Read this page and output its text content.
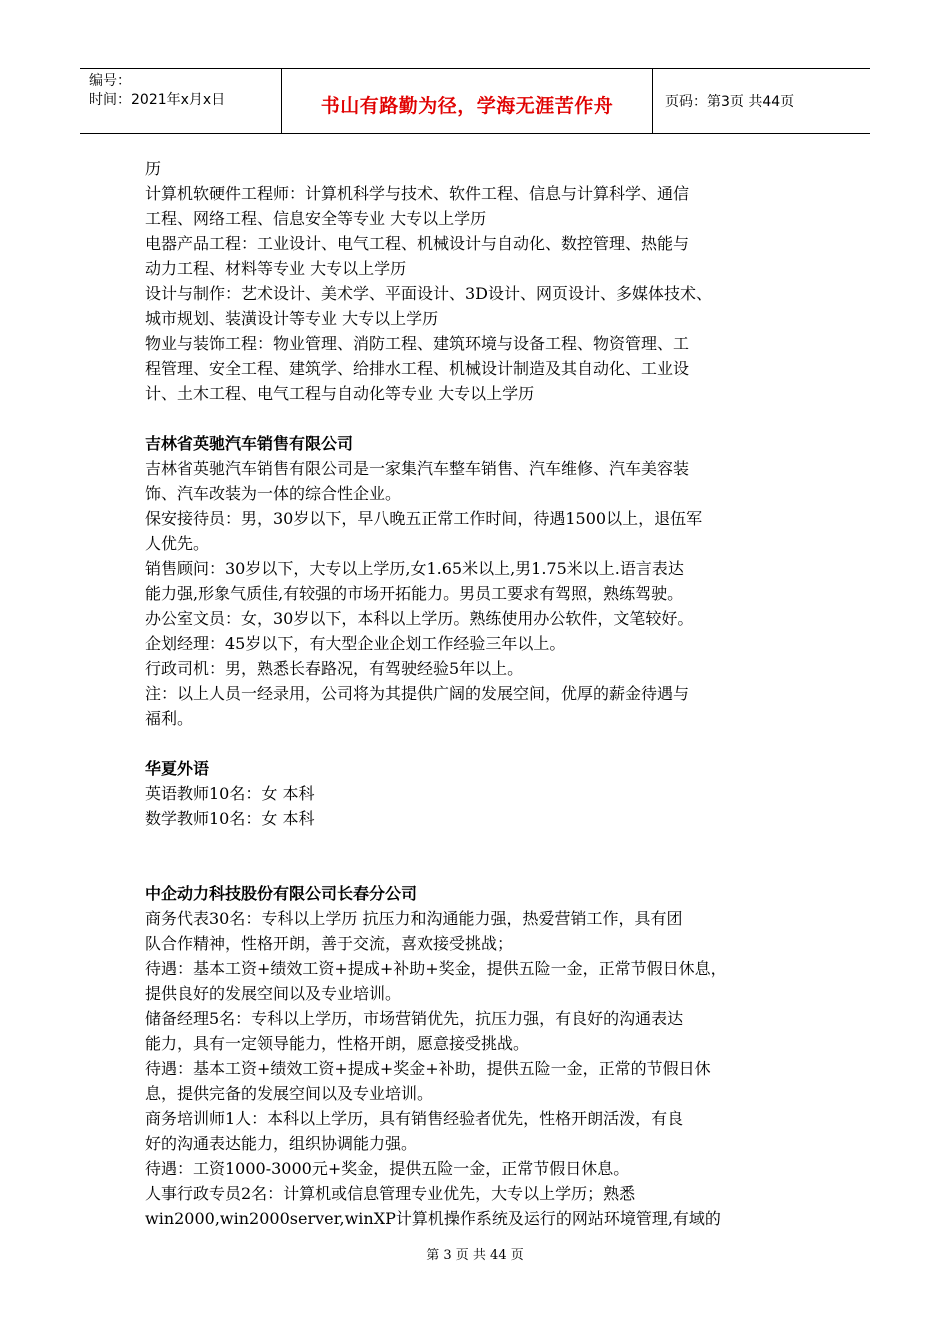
编号：
时间：2021年x月x日	书山有路勤为径，学海无涯苦作舟	页码：第3页 共44页

历

计算机软硬件工程师：计算机科学与技术、软件工程、信息与计算科学、通信

工程、网络工程、信息安全等专业 大专以上学历

电器产品工程：工业设计、电气工程、机械设计与自动化、数控管理、热能与

动力工程、材料等专业 大专以上学历

设计与制作：艺术设计、美术学、平面设计、3D设计、网页设计、多媒体技术、

城市规划、装潢设计等专业 大专以上学历

物业与装饰工程：物业管理、消防工程、建筑环境与设备工程、物资管理、工

程管理、安全工程、建筑学、给排水工程、机械设计制造及其自动化、工业设

计、土木工程、电气工程与自动化等专业 大专以上学历

吉林省英驰汽车销售有限公司

吉林省英驰汽车销售有限公司是一家集汽车整车销售、汽车维修、汽车美容装

饰、汽车改装为一体的综合性企业。

保安接待员：男，30岁以下，早八晚五正常工作时间，待遇1500以上，退伍军

人优先。

销售顾问：30岁以下，大专以上学历,女1.65米以上,男1.75米以上.语言表达

能力强,形象气质佳,有较强的市场开拓能力。男员工要求有驾照，熟练驾驶。

办公室文员：女，30岁以下，本科以上学历。熟练使用办公软件，文笔较好。

企划经理：45岁以下，有大型企业企划工作经验三年以上。

行政司机：男，熟悉长春路况，有驾驶经验5年以上。

注：以上人员一经录用，公司将为其提供广阔的发展空间，优厚的薪金待遇与

福利。

华夏外语

英语教师10名：女 本科

数学教师10名：女 本科

中企动力科技股份有限公司长春分公司

商务代表30名：专科以上学历 抗压力和沟通能力强，热爱营销工作，具有团

队合作精神，性格开朗，善于交流，喜欢接受挑战；

待遇：基本工资+绩效工资+提成+补助+奖金，提供五险一金，正常节假日休息，

提供良好的发展空间以及专业培训。

储备经理5名：专科以上学历，市场营销优先，抗压力强，有良好的沟通表达

能力，具有一定领导能力，性格开朗，愿意接受挑战。

待遇：基本工资+绩效工资+提成+奖金+补助，提供五险一金，正常的节假日休

息，提供完备的发展空间以及专业培训。

商务培训师1人：本科以上学历，具有销售经验者优先，性格开朗活泼，有良

好的沟通表达能力，组织协调能力强。

待遇：工资1000-3000元+奖金，提供五险一金，正常节假日休息。

人事行政专员2名：计算机或信息管理专业优先，大专以上学历；熟悉

win2000,win2000server,winXP计算机操作系统及运行的网站环境管理,有域的

第 3 页 共 44 页
